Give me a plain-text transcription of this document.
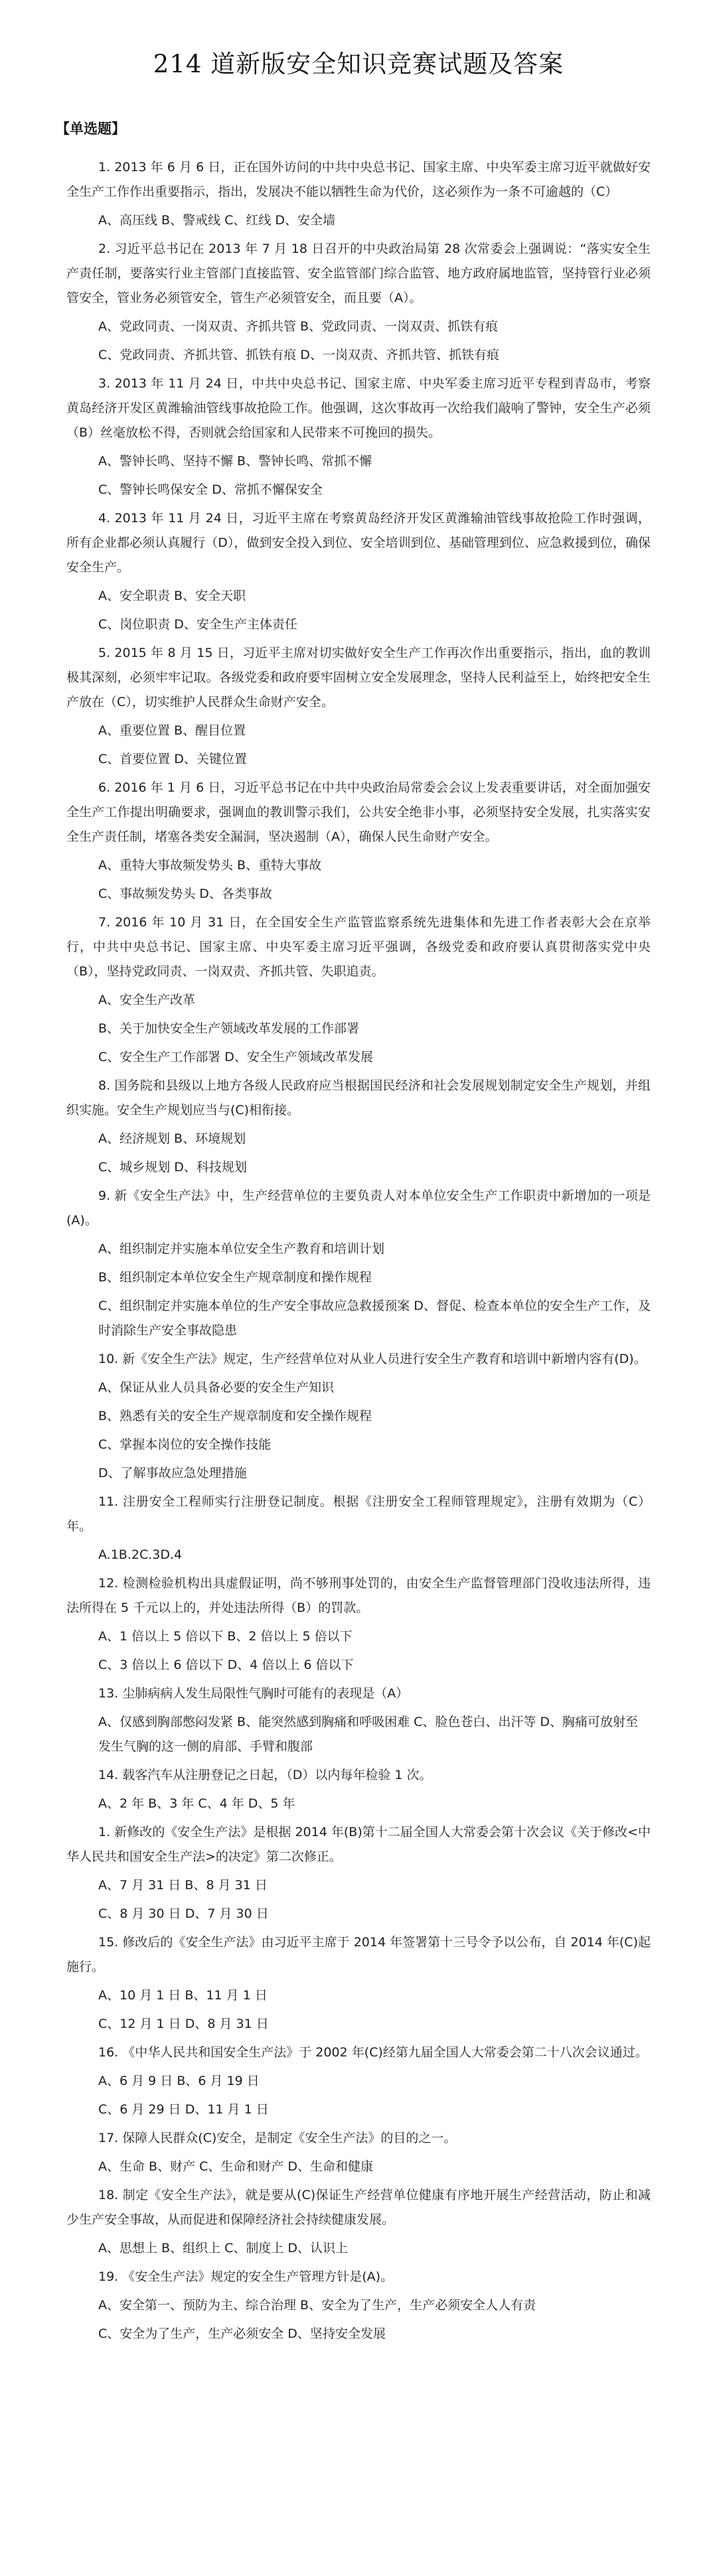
214 道新版安全知识竞赛试题及答案
【单选题】
1. 2013 年 6 月 6 日，正在国外访问的中共中央总书记、国家主席、中央军委主席习近平就做好安全生产工作作出重要指示，指出，发展决不能以牺牲生命为代价，这必须作为一条不可逾越的（C）
A、高压线 B、警戒线 C、红线 D、安全墙
2. 习近平总书记在 2013 年 7 月 18 日召开的中央政治局第 28 次常委会上强调说：“落实安全生产责任制，要落实行业主管部门直接监管、安全监管部门综合监管、地方政府属地监管，坚持管行业必须管安全，管业务必须管安全，管生产必须管安全，而且要（A）。
A、党政同责、一岗双责、齐抓共管 B、党政同责、一岗双责、抓铁有痕
C、党政同责、齐抓共管、抓铁有痕 D、一岗双责、齐抓共管、抓铁有痕
3. 2013 年 11 月 24 日，中共中央总书记、国家主席、中央军委主席习近平专程到青岛市，考察黄岛经济开发区黄潍输油管线事故抢险工作。他强调，这次事故再一次给我们敲响了警钟，安全生产必须（B）丝毫放松不得，否则就会给国家和人民带来不可挽回的损失。
A、警钟长鸣、坚持不懈 B、警钟长鸣、常抓不懈
C、警钟长鸣保安全 D、常抓不懈保安全
4. 2013 年 11 月 24 日，习近平主席在考察黄岛经济开发区黄潍输油管线事故抢险工作时强调，所有企业都必须认真履行（D），做到安全投入到位、安全培训到位、基础管理到位、应急救援到位，确保安全生产。
A、安全职责 B、安全天职
C、岗位职责 D、安全生产主体责任
5. 2015 年 8 月 15 日，习近平主席对切实做好安全生产工作再次作出重要指示，指出，血的教训极其深刻，必须牢牢记取。各级党委和政府要牢固树立安全发展理念，坚持人民利益至上，始终把安全生产放在（C），切实维护人民群众生命财产安全。
A、重要位置 B、醒目位置
C、首要位置 D、关键位置
6. 2016 年 1 月 6 日，习近平总书记在中共中央政治局常委会会议上发表重要讲话，对全面加强安全生产工作提出明确要求，强调血的教训警示我们，公共安全绝非小事，必须坚持安全发展，扎实落实安全生产责任制，堵塞各类安全漏洞，坚决遏制（A），确保人民生命财产安全。
A、重特大事故频发势头 B、重特大事故
C、事故频发势头 D、各类事故
7. 2016 年 10 月 31 日，在全国安全生产监管监察系统先进集体和先进工作者表彰大会在京举行，中共中央总书记、国家主席、中央军委主席习近平强调，各级党委和政府要认真贯彻落实党中央（B），坚持党政同责、一岗双责、齐抓共管、失职追责。
A、安全生产改革
B、关于加快安全生产领域改革发展的工作部署
C、安全生产工作部署 D、安全生产领域改革发展
8. 国务院和县级以上地方各级人民政府应当根据国民经济和社会发展规划制定安全生产规划，并组织实施。安全生产规划应当与(C)相衔接。
A、经济规划 B、环境规划
C、城乡规划 D、科技规划
9. 新《安全生产法》中，生产经营单位的主要负责人对本单位安全生产工作职责中新增加的一项是(A)。
A、组织制定并实施本单位安全生产教育和培训计划
B、组织制定本单位安全生产规章制度和操作规程
C、组织制定并实施本单位的生产安全事故应急救援预案 D、督促、检查本单位的安全生产工作，及时消除生产安全事故隐患
10. 新《安全生产法》规定，生产经营单位对从业人员进行安全生产教育和培训中新增内容有(D)。
A、保证从业人员具备必要的安全生产知识
B、熟悉有关的安全生产规章制度和安全操作规程
C、掌握本岗位的安全操作技能
D、了解事故应急处理措施
11. 注册安全工程师实行注册登记制度。根据《注册安全工程师管理规定》，注册有效期为（C）年。
A.1B.2C.3D.4
12. 检测检验机构出具虚假证明，尚不够刑事处罚的，由安全生产监督管理部门没收违法所得，违法所得在 5 千元以上的，并处违法所得（B）的罚款。
A、1 倍以上 5 倍以下 B、2 倍以上 5 倍以下
C、3 倍以上 6 倍以下 D、4 倍以上 6 倍以下
13. 尘肺病病人发生局限性气胸时可能有的表现是（A）
A、仅感到胸部憋闷发紧 B、能突然感到胸痛和呼吸困难 C、脸色苍白、出汗等 D、胸痛可放射至发生气胸的这一侧的肩部、手臂和腹部
14. 载客汽车从注册登记之日起，（D）以内每年检验 1 次。
A、2 年 B、3 年 C、4 年 D、5 年
1. 新修改的《安全生产法》是根据 2014 年(B)第十二届全国人大常委会第十次会议《关于修改<中华人民共和国安全生产法>的决定》第二次修正。
A、7 月 31 日 B、8 月 31 日
C、8 月 30 日 D、7 月 30 日
15. 修改后的《安全生产法》由习近平主席于 2014 年签署第十三号令予以公布，自 2014 年(C)起施行。
A、10 月 1 日 B、11 月 1 日
C、12 月 1 日 D、8 月 31 日
16. 《中华人民共和国安全生产法》于 2002 年(C)经第九届全国人大常委会第二十八次会议通过。
A、6 月 9 日 B、6 月 19 日
C、6 月 29 日 D、11 月 1 日
17. 保障人民群众(C)安全，是制定《安全生产法》的目的之一。
A、生命 B、财产 C、生命和财产 D、生命和健康
18. 制定《安全生产法》，就是要从(C)保证生产经营单位健康有序地开展生产经营活动，防止和减少生产安全事故，从而促进和保障经济社会持续健康发展。
A、思想上 B、组织上 C、制度上 D、认识上
19. 《安全生产法》规定的安全生产管理方针是(A)。
A、安全第一、预防为主、综合治理 B、安全为了生产，生产必须安全人人有责
C、安全为了生产，生产必须安全 D、坚持安全发展
